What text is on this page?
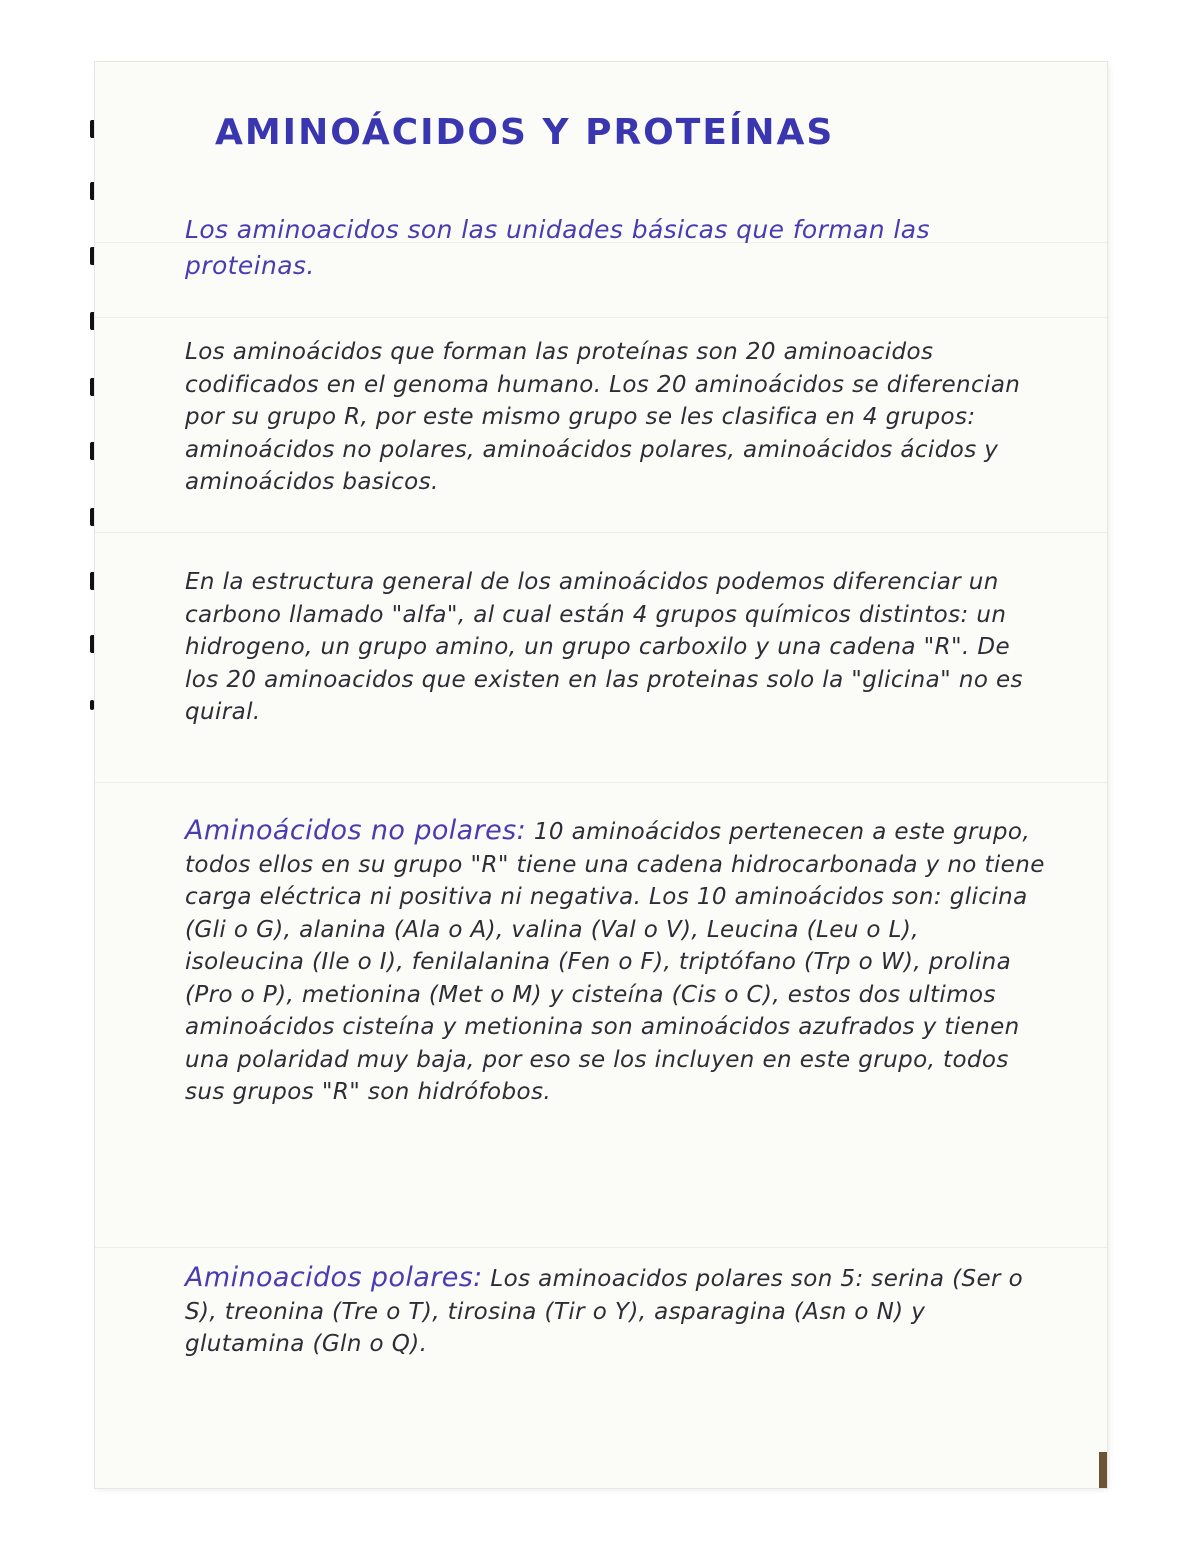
AMINOÁCIDOS Y PROTEÍNAS

Los aminoacidos son las unidades básicas que forman las proteinas.

Los aminoácidos que forman las proteínas son 20 aminoacidos codificados en el genoma humano. Los 20 aminoácidos se diferencian por su grupo R, por este mismo grupo se les clasifica en 4 grupos: aminoácidos no polares, aminoácidos polares, aminoácidos ácidos y aminoácidos basicos.

En la estructura general de los aminoácidos podemos diferenciar un carbono llamado "alfa", al cual están 4 grupos químicos distintos: un hidrogeno, un grupo amino, un grupo carboxilo y una cadena "R". De los 20 aminoacidos que existen en las proteinas solo la "glicina" no es quiral.

Aminoácidos no polares: 10 aminoácidos pertenecen a este grupo, todos ellos en su grupo "R" tiene una cadena hidrocarbonada y no tiene carga eléctrica ni positiva ni negativa. Los 10 aminoácidos son: glicina (Gli o G), alanina (Ala o A), valina (Val o V), Leucina (Leu o L), isoleucina (Ile o I), fenilalanina (Fen o F), triptófano (Trp o W), prolina (Pro o P), metionina (Met o M) y cisteína (Cis o C), estos dos ultimos aminoácidos cisteína y metionina son aminoácidos azufrados y tienen una polaridad muy baja, por eso se los incluyen en este grupo, todos sus grupos "R" son hidrófobos.

Aminoacidos polares: Los aminoacidos polares son 5: serina (Ser o S), treonina (Tre o T), tirosina (Tir o Y), asparagina (Asn o N) y glutamina (Gln o Q).
